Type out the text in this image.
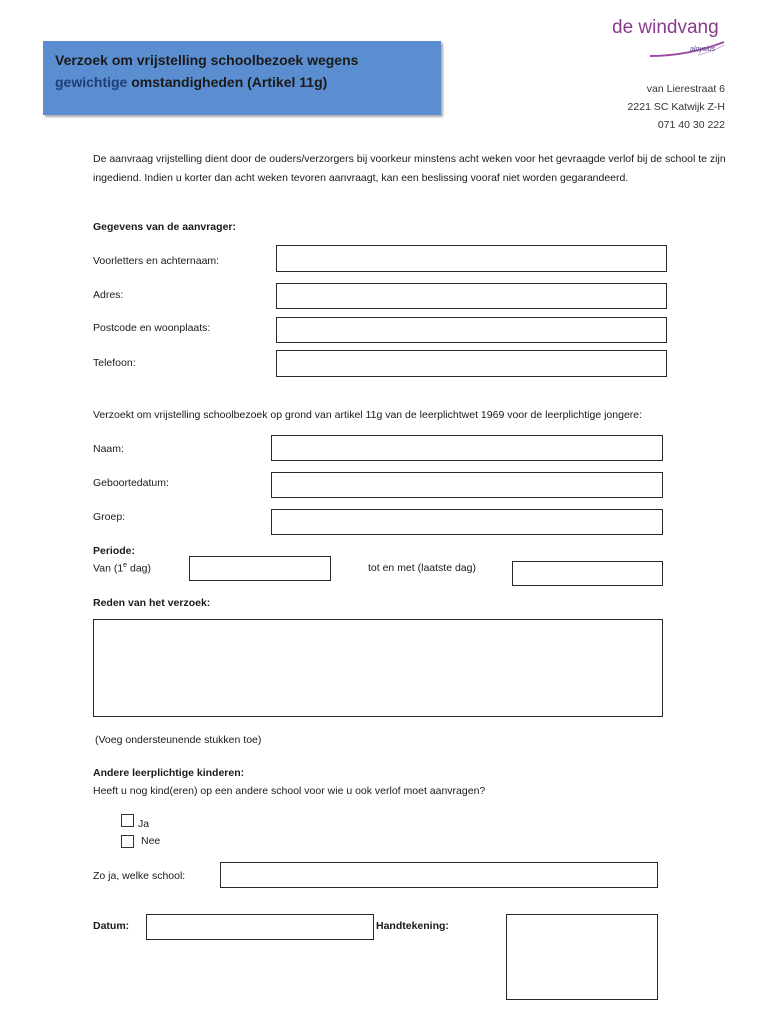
Verzoek om vrijstelling schoolbezoek wegens
gewichtige omstandigheden (Artikel 11g)
de windvang
aloysius
van Lierestraat 6
2221 SC Katwijk Z-H
071 40 30 222
De aanvraag vrijstelling dient door de ouders/verzorgers bij voorkeur minstens acht weken voor het gevraagde verlof bij de school te zijn ingediend. Indien u korter dan acht weken tevoren aanvraagt, kan een beslissing vooraf niet worden gegarandeerd.
Gegevens van de aanvrager:
Voorletters en achternaam:
Adres:
Postcode en woonplaats:
Telefoon:
Verzoekt om vrijstelling schoolbezoek op grond van artikel 11g van de leerplichtwet 1969 voor de leerplichtige jongere:
Naam:
Geboortedatum:
Groep:
Periode:
Van (1e dag)	tot en met (laatste dag)
Reden van het verzoek:
(Voeg ondersteunende stukken toe)
Andere leerplichtige kinderen:
Heeft u nog kind(eren) op een andere school voor wie u ook verlof moet aanvragen?
Ja
Nee
Zo ja, welke school:
Datum:	Handtekening:
